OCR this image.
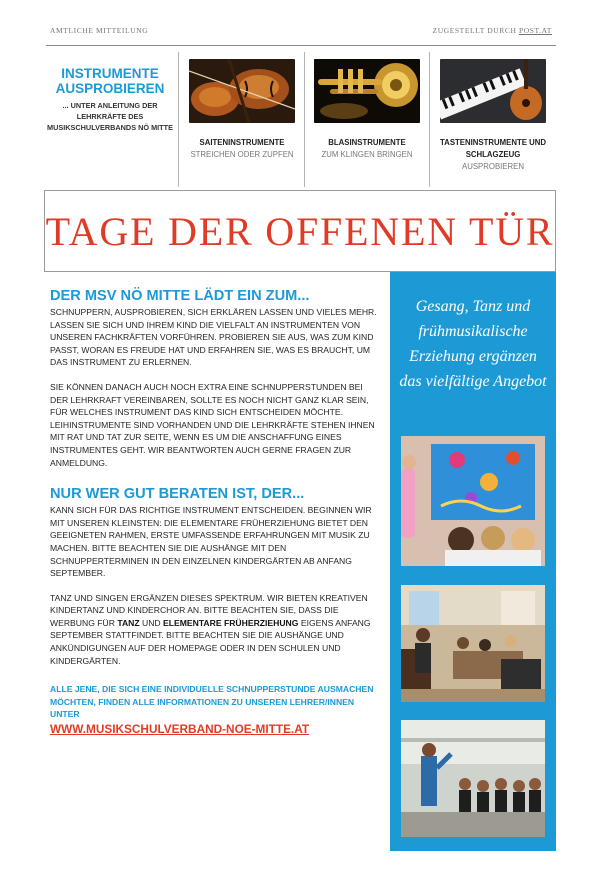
AMTLICHE MITTEILUNG	ZUGESTELLT DURCH POST.AT
INSTRUMENTE AUSPROBIEREN
... UNTER ANLEITUNG DER LEHRKRÄFTE DES MUSIKSCHULVERBANDS NÖ MITTE
SAITENINSTRUMENTE
STREICHEN ODER ZUPFEN
BLASINSTRUMENTE
ZUM KLINGEN BRINGEN
TASTENINSTRUMENTE UND SCHLAGZEUG
AUSPROBIEREN
TAGE DER OFFENEN TÜR
DER MSV NÖ MITTE LÄDT EIN ZUM...

SCHNUPPERN, AUSPROBIEREN, SICH ERKLÄREN LASSEN UND VIELES MEHR. LASSEN SIE SICH UND IHREM KIND DIE VIELFALT AN INSTRUMENTEN VON UNSEREN FACHKRÄFTEN VORFÜHREN. PROBIEREN SIE AUS, WAS ZUM KIND PASST, WORAN ES FREUDE HAT UND ERFAHREN SIE, WAS ES BRAUCHT, UM DAS INSTRUMENT ZU ERLERNEN.

SIE KÖNNEN DANACH AUCH NOCH EXTRA EINE SCHNUPPERSTUNDEN BEI DER LEHRKRAFT VEREINBAREN, SOLLTE ES NOCH NICHT GANZ KLAR SEIN, FÜR WELCHES INSTRUMENT DAS KIND SICH ENTSCHEIDEN MÖCHTE. LEIHINSTRUMENTE SIND VORHANDEN UND DIE LEHRKRÄFTE STEHEN IHNEN MIT RAT UND TAT ZUR SEITE, WENN ES UM DIE ANSCHAFFUNG EINES INSTRUMENTES GEHT. WIR BEANTWORTEN AUCH GERNE FRAGEN ZUR ANMELDUNG.

NUR WER GUT BERATEN IST, DER...

KANN SICH FÜR DAS RICHTIGE INSTRUMENT ENTSCHEIDEN. BEGINNEN WIR MIT UNSEREN KLEINSTEN: DIE ELEMENTARE FRÜHERZIEHUNG BIETET DEN GEEIGNETEN RAHMEN, ERSTE UMFASSENDE ERFAHRUNGEN MIT MUSIK ZU MACHEN. BITTE BEACHTEN SIE DIE AUSHÄNGE MIT DEN SCHNUPPERTERMINEN IN DEN EINZELNEN KINDERGÄRTEN AB ANFANG SEPTEMBER.

TANZ UND SINGEN ERGÄNZEN DIESES SPEKTRUM. WIR BIETEN KREATIVEN KINDERTANZ UND KINDERCHOR AN. BITTE BEACHTEN SIE, DASS DIE WERBUNG FÜR TANZ UND ELEMENTARE FRÜHERZIEHUNG EIGENS ANFANG SEPTEMBER STATTFINDET. BITTE BEACHTEN SIE DIE AUSHÄNGE UND ANKÜNDIGUNGEN AUF DER HOMEPAGE ODER IN DEN SCHULEN UND KINDERGÄRTEN.

ALLE JENE, DIE SICH EINE INDIVIDUELLE SCHNUPPERSTUNDE AUSMACHEN MÖCHTEN, FINDEN ALLE INFORMATIONEN ZU UNSEREN LEHRER/INNEN UNTER
WWW.MUSIKSCHULVERBAND-NOE-MITTE.AT
Gesang, Tanz und frühmusikalische Erziehung ergänzen das vielfältige Angebot
